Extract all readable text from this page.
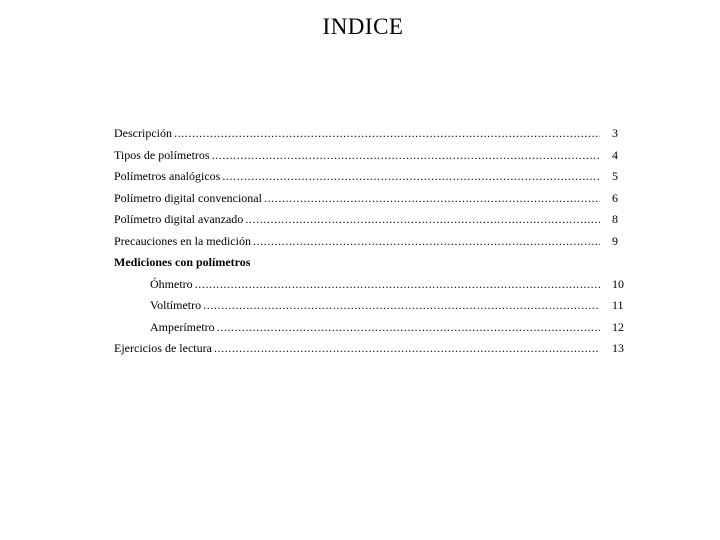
INDICE
Descripción .....	3
Tipos de polímetros .....	4
Polímetros analógicos .....	5
Polímetro digital convencional .....	6
Polímetro digital avanzado .....	8
Precauciones en la medición .....	9
Mediciones con polímetros
Óhmetro .....	10
Voltímetro .....	11
Amperímetro .....	12
Ejercicios de lectura .....	13
